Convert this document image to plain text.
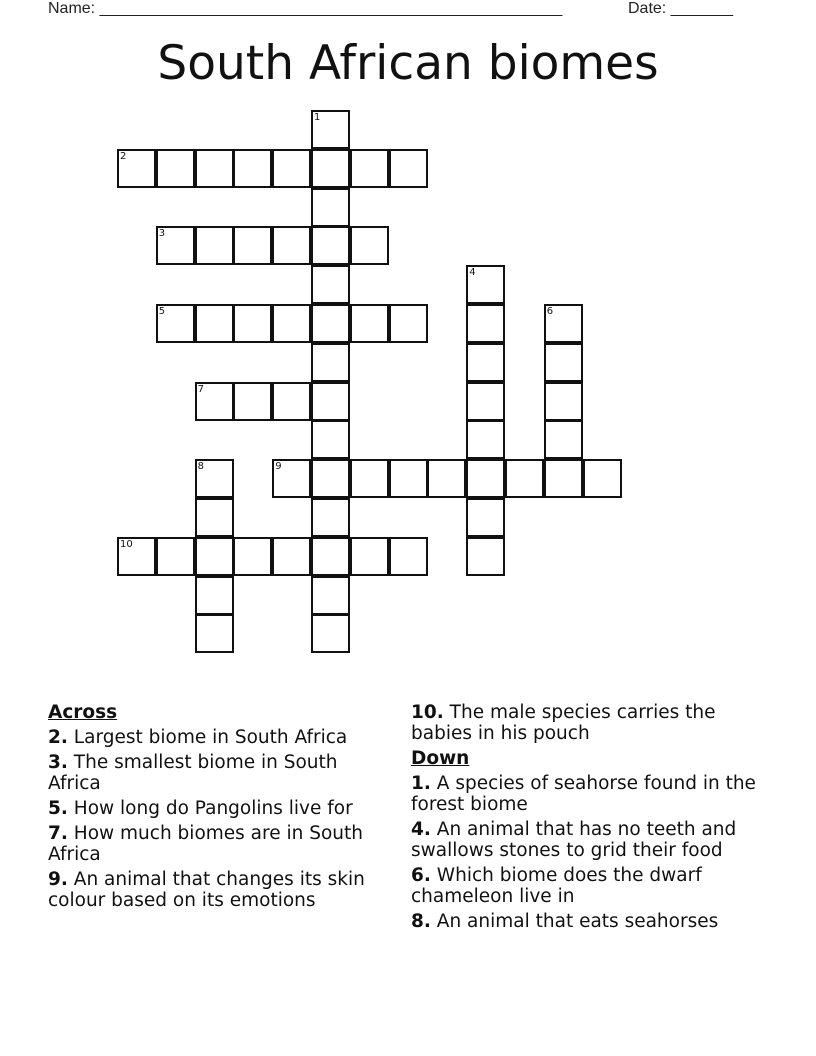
Name: ____________________________________________________	Date: _______
South African biomes
1
2
3
4
5	6
7
8	9
10
Across
2. Largest biome in South Africa
3. The smallest biome in South Africa
5. How long do Pangolins live for
7. How much biomes are in South Africa
9. An animal that changes its skin colour based on its emotions
10. The male species carries the babies in his pouch
Down
1. A species of seahorse found in the forest biome
4. An animal that has no teeth and swallows stones to grid their food
6. Which biome does the dwarf chameleon live in
8. An animal that eats seahorses
